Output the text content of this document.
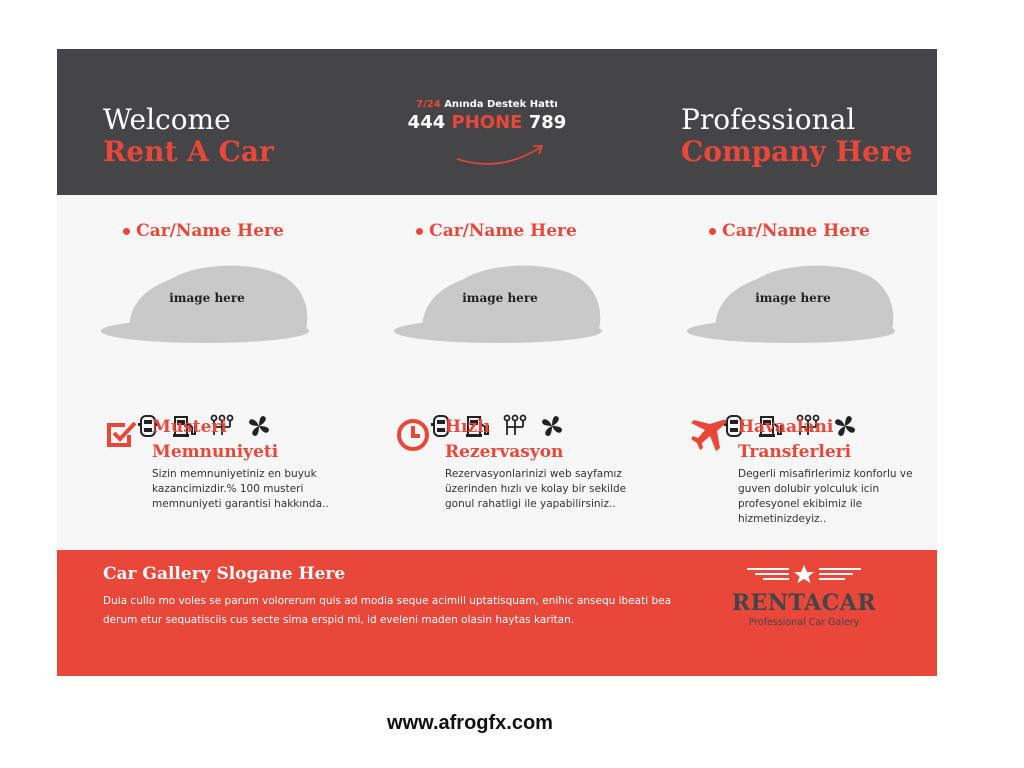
Welcome
Rent A Car
7/24 Anında Destek Hattı
444 PHONE 789	Professional
Company Here
Car/Name Here
image here

Musteri
Memnuniyeti
Sizin memnuniyetiniz en buyuk kazancimizdir.% 100 musteri memnuniyeti garantisi hakkında..
Car/Name Here
image here

Hızlı
Rezervasyon
Rezervasyonlarinizi web sayfamız üzerinden hızlı ve kolay bir sekilde gonul rahatligi ile yapabilirsiniz..
Car/Name Here
image here

Havaalani
Transferleri
Degerli misafirlerimiz konforlu ve guven dolubir yolculuk icin profesyonel ekibimiz ile hizmetinizdeyiz..
Car Gallery Slogane Here
Duia cullo mo voles se parum volorerum quis ad modia seque acimill uptatisquam, enihic ansequ ibeati bea derum etur sequatisciis cus secte sima erspid mi, id eveleni maden olasin haytas karitan.
RENTACAR
Professional Car Galery
www.afrogfx.com
